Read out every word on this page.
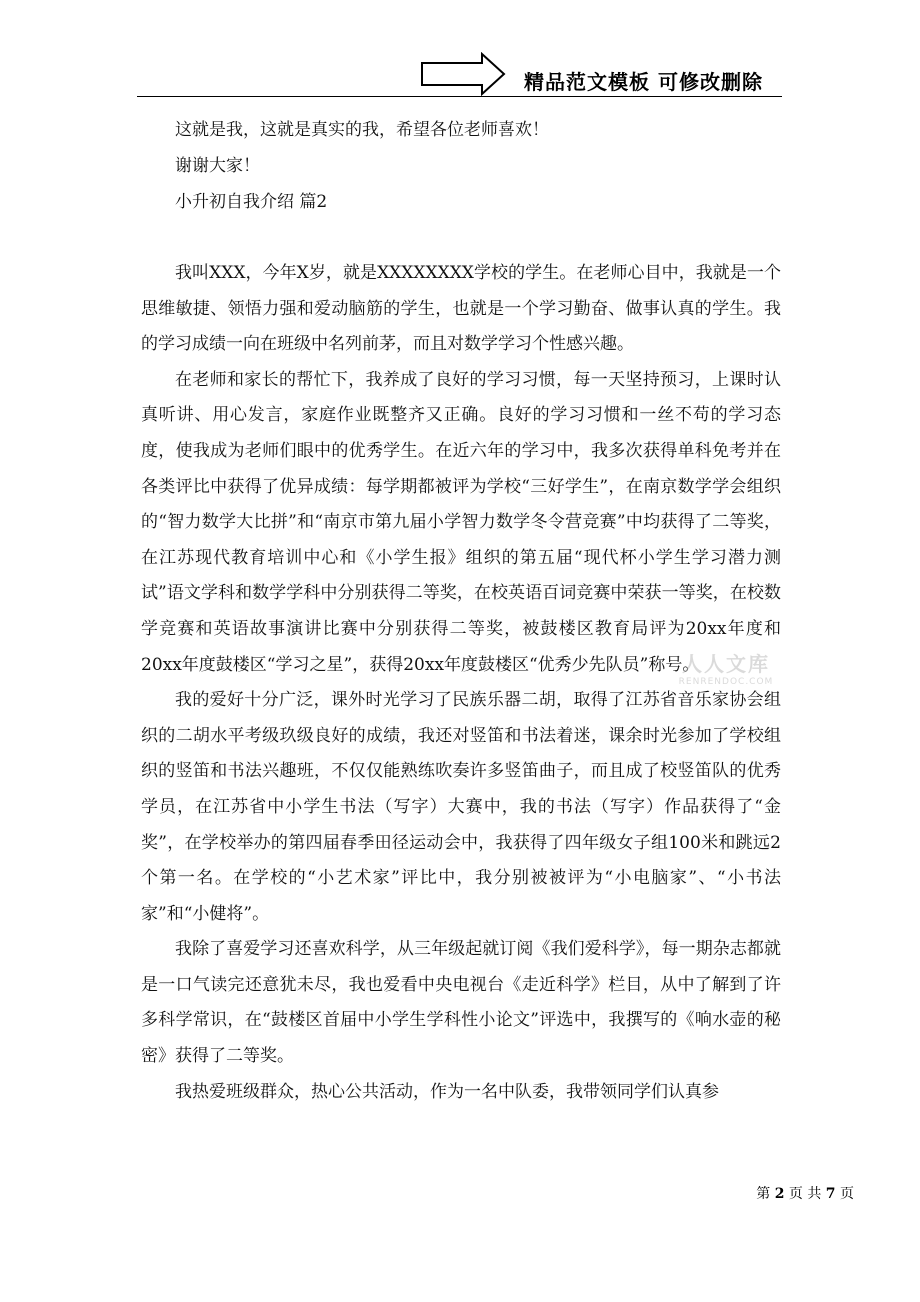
精品范文模板 可修改删除
这就是我，这就是真实的我，希望各位老师喜欢！
谢谢大家！
小升初自我介绍 篇2

我叫XXX，今年X岁，就是XXXXXXXX学校的学生。在老师心目中，我就是一个思维敏捷、领悟力强和爱动脑筋的学生，也就是一个学习勤奋、做事认真的学生。我的学习成绩一向在班级中名列前茅，而且对数学学习个性感兴趣。

在老师和家长的帮忙下，我养成了良好的学习习惯，每一天坚持预习，上课时认真听讲、用心发言，家庭作业既整齐又正确。良好的学习习惯和一丝不苟的学习态度，使我成为老师们眼中的优秀学生。在近六年的学习中，我多次获得单科免考并在各类评比中获得了优异成绩：每学期都被评为学校“三好学生”，在南京数学学会组织的“智力数学大比拼”和“南京市第九届小学智力数学冬令营竞赛”中均获得了二等奖，在江苏现代教育培训中心和《小学生报》组织的第五届“现代杯小学生学习潜力测试”语文学科和数学学科中分别获得二等奖，在校英语百词竞赛中荣获一等奖，在校数学竞赛和英语故事演讲比赛中分别获得二等奖，被鼓楼区教育局评为20xx年度和20xx年度鼓楼区“学习之星”，获得20xx年度鼓楼区“优秀少先队员”称号。

我的爱好十分广泛，课外时光学习了民族乐器二胡，取得了江苏省音乐家协会组织的二胡水平考级玖级良好的成绩，我还对竖笛和书法着迷，课余时光参加了学校组织的竖笛和书法兴趣班，不仅仅能熟练吹奏许多竖笛曲子，而且成了校竖笛队的优秀学员，在江苏省中小学生书法（写字）大赛中，我的书法（写字）作品获得了“金奖”，在学校举办的第四届春季田径运动会中，我获得了四年级女子组100米和跳远2个第一名。在学校的“小艺术家”评比中，我分别被被评为“小电脑家”、“小书法家”和“小健将”。

我除了喜爱学习还喜欢科学，从三年级起就订阅《我们爱科学》，每一期杂志都就是一口气读完还意犹未尽，我也爱看中央电视台《走近科学》栏目，从中了解到了许多科学常识，在“鼓楼区首届中小学生学科性小论文”评选中，我撰写的《响水壶的秘密》获得了二等奖。

我热爱班级群众，热心公共活动，作为一名中队委，我带领同学们认真参

人人文库
RENRENDOC.COM
第 2 页 共 7 页
